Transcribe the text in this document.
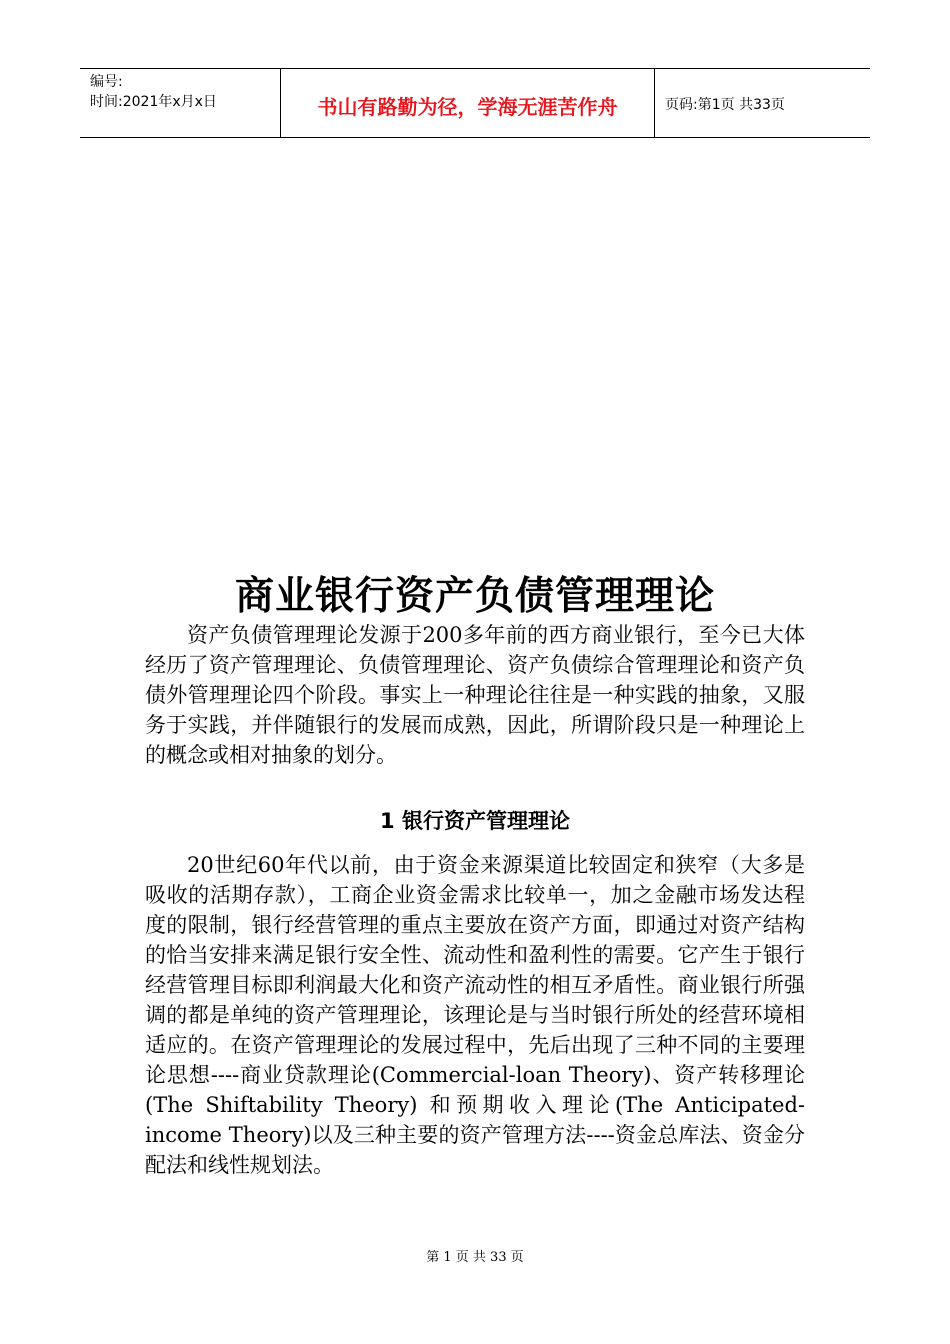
编号:
时间:2021年x月x日	书山有路勤为径，学海无涯苦作舟	页码:第1页 共33页
商业银行资产负债管理理论

资产负债管理理论发源于200多年前的西方商业银行，至今已大体经历了资产管理理论、负债管理理论、资产负债综合管理理论和资产负债外管理理论四个阶段。事实上一种理论往往是一种实践的抽象，又服务于实践，并伴随银行的发展而成熟，因此，所谓阶段只是一种理论上的概念或相对抽象的划分。

1 银行资产管理理论

20世纪60年代以前，由于资金来源渠道比较固定和狭窄（大多是吸收的活期存款），工商企业资金需求比较单一，加之金融市场发达程度的限制，银行经营管理的重点主要放在资产方面，即通过对资产结构的恰当安排来满足银行安全性、流动性和盈利性的需要。它产生于银行经营管理目标即利润最大化和资产流动性的相互矛盾性。商业银行所强调的都是单纯的资产管理理论，该理论是与当时银行所处的经营环境相适应的。在资产管理理论的发展过程中，先后出现了三种不同的主要理论思想----商业贷款理论(Commercial-loan Theory)、资产转移理论(The Shiftability Theory) 和预期收入理论(The Anticipated-income Theory)以及三种主要的资产管理方法----资金总库法、资金分配法和线性规划法。

第 1 页 共 33 页
